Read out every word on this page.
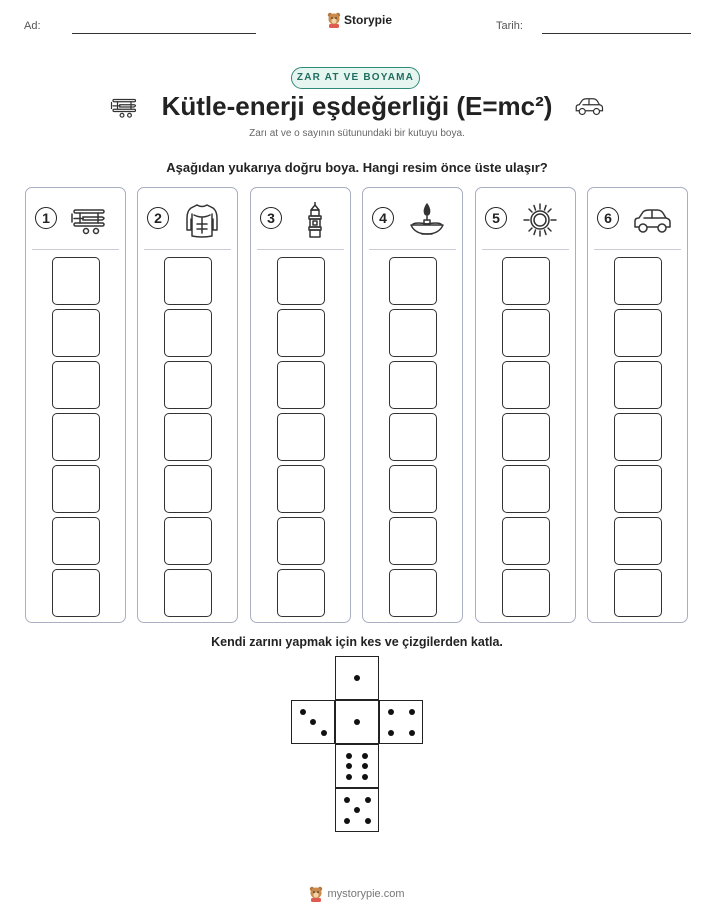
Ad:	Storypie	Tarih:
ZAR AT VE BOYAMA
Kütle-enerji eşdeğerliği (E=mc²)
Zarı at ve o sayının sütunundaki bir kutuyu boya.
Aşağıdan yukarıya doğru boya. Hangi resim önce üste ulaşır?
1	2	3	4	5	6
Kendi zarını yapmak için kes ve çizgilerden katla.
mystorypie.com
